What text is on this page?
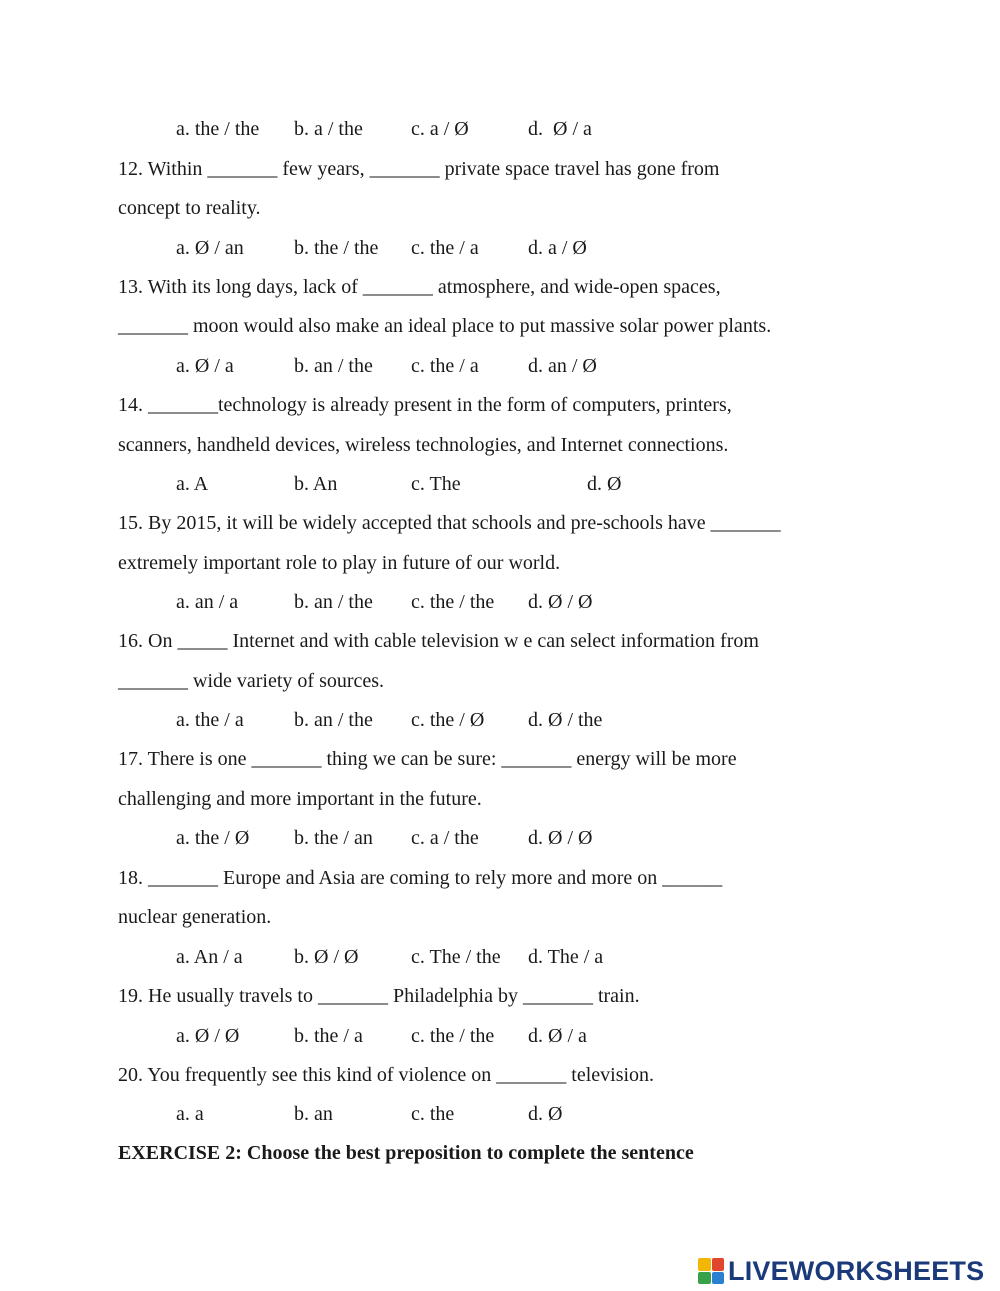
a. the / the b. a / the c. a / Ø	d.  Ø / a
12. Within _______ few years, _______ private space travel has gone from
concept to reality.
a. Ø / an	b. the / the c. the / a d. a / Ø
13. With its long days, lack of _______ atmosphere, and wide-open spaces,
_______ moon would also make an ideal place to put massive solar power plants.
a. Ø / a	b. an / the c. the / a d. an / Ø
14. _______technology is already present in the form of computers, printers,
scanners, handheld devices, wireless technologies, and Internet connections.
a. A	b. An	c. The	d. Ø
15. By 2015, it will be widely accepted that schools and pre-schools have _______
extremely important role to play in future of our world.
a. an / a	b. an / the c. the / the d. Ø / Ø
16. On _____ Internet and with cable television w e can select information from
_______ wide variety of sources.
a. the / a	b. an / the c. the / Ø d. Ø / the
17. There is one _______ thing we can be sure: _______ energy will be more
challenging and more important in the future.
a. the / Ø b. the / an c. a / the d. Ø / Ø
18. _______ Europe and Asia are coming to rely more and more on ______
nuclear generation.
a. An / a	b. Ø / Ø	c. The / the d. The / a
19. He usually travels to _______ Philadelphia by _______ train.
a. Ø / Ø	b. the / a c. the / the d. Ø / a
20. You frequently see this kind of violence on _______ television.
a. a	b. an	c. the	d. Ø
EXERCISE 2: Choose the best preposition to complete the sentence
LIVEWORKSHEETS
